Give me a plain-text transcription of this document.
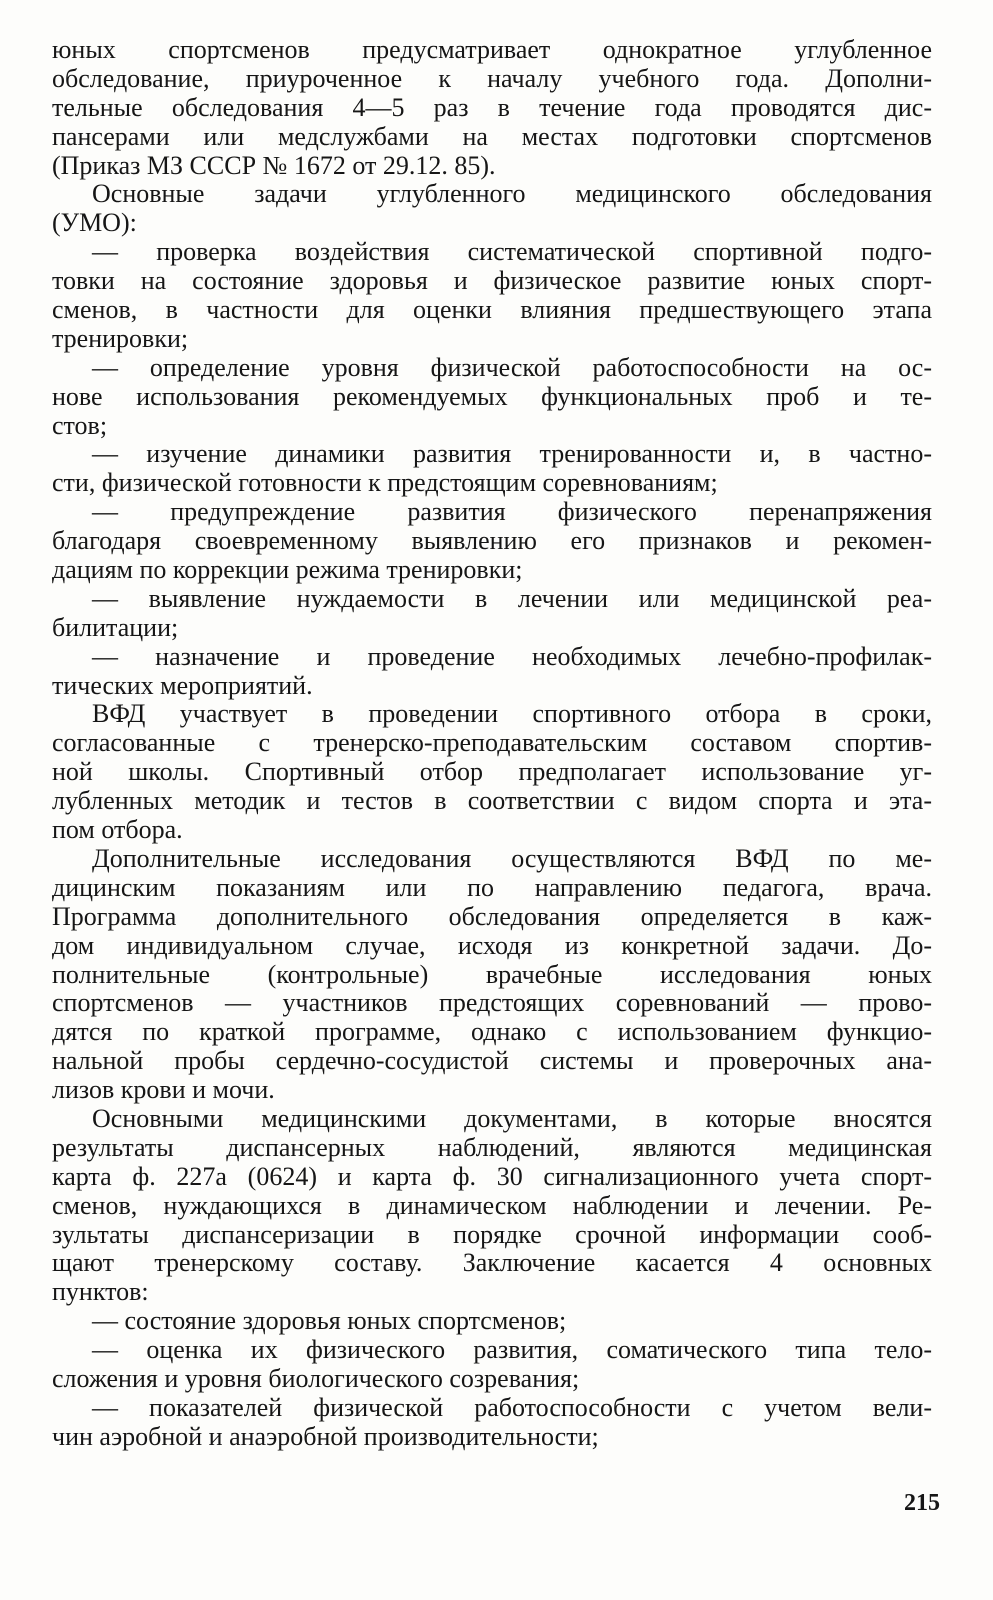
юных спортсменов предусматривает однократное углубленное
обследование, приуроченное к началу учебного года. Дополни-
тельные обследования 4—5 раз в течение года проводятся дис-
пансерами или медслужбами на местах подготовки спортсменов
(Приказ МЗ СССР № 1672 от 29.12. 85).
Основные задачи углубленного медицинского обследования
(УМО):
— проверка воздействия систематической спортивной подго-
товки на состояние здоровья и физическое развитие юных спорт-
сменов, в частности для оценки влияния предшествующего этапа
тренировки;
— определение уровня физической работоспособности на ос-
нове использования рекомендуемых функциональных проб и те-
стов;
— изучение динамики развития тренированности и, в частно-
сти, физической готовности к предстоящим соревнованиям;
— предупреждение развития физического перенапряжения
благодаря своевременному выявлению его признаков и рекомен-
дациям по коррекции режима тренировки;
— выявление нуждаемости в лечении или медицинской реа-
билитации;
— назначение и проведение необходимых лечебно-профилак-
тических мероприятий.
ВФД участвует в проведении спортивного отбора в сроки,
согласованные с тренерско-преподавательским составом спортив-
ной школы. Спортивный отбор предполагает использование уг-
лубленных методик и тестов в соответствии с видом спорта и эта-
пом отбора.
Дополнительные исследования осуществляются ВФД по ме-
дицинским показаниям или по направлению педагога, врача.
Программа дополнительного обследования определяется в каж-
дом индивидуальном случае, исходя из конкретной задачи. До-
полнительные (контрольные) врачебные исследования юных
спортсменов — участников предстоящих соревнований — прово-
дятся по краткой программе, однако с использованием функцио-
нальной пробы сердечно-сосудистой системы и проверочных ана-
лизов крови и мочи.
Основными медицинскими документами, в которые вносятся
результаты диспансерных наблюдений, являются медицинская
карта ф. 227а (0624) и карта ф. 30 сигнализационного учета спорт-
сменов, нуждающихся в динамическом наблюдении и лечении. Ре-
зультаты диспансеризации в порядке срочной информации сооб-
щают тренерскому составу. Заключение касается 4 основных
пунктов:
— состояние здоровья юных спортсменов;
— оценка их физического развития, соматического типа тело-
сложения и уровня биологического созревания;
— показателей физической работоспособности с учетом вели-
чин аэробной и анаэробной производительности;
215
